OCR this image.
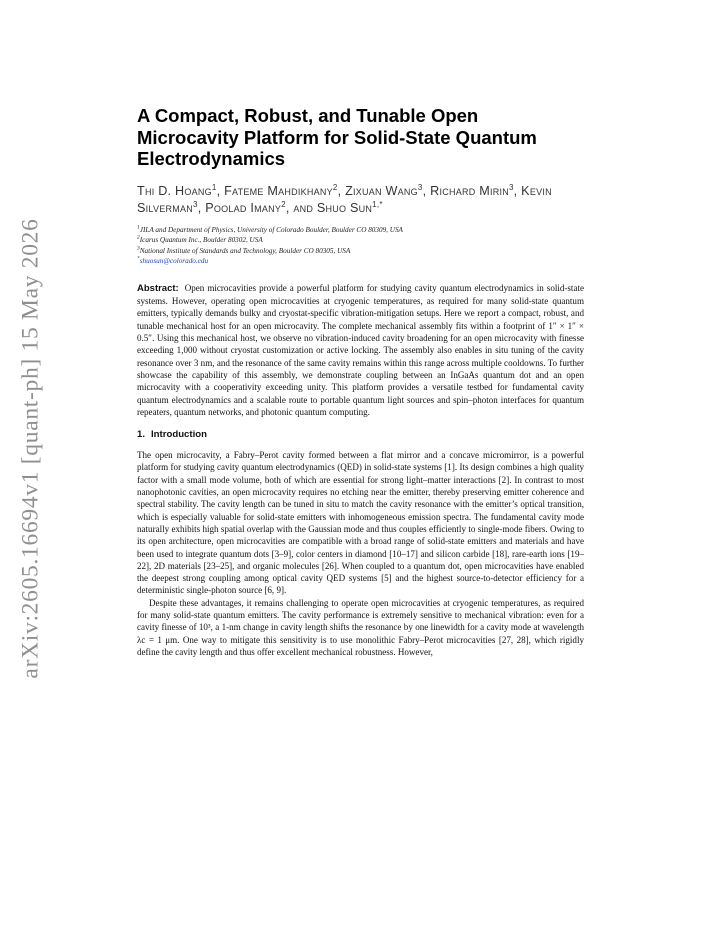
arXiv:2605.16694v1 [quant-ph] 15 May 2026
A Compact, Robust, and Tunable Open
Microcavity Platform for Solid-State Quantum
Electrodynamics
Thi D. Hoang$^1$, Fateme Mahdikhany$^2$, Zixuan Wang$^3$, Richard Mirin$^3$, Kevin Silverman$^3$, Poolad Imany$^2$, and Shuo Sun$^{1,*}$
$^1$JILA and Department of Physics, University of Colorado Boulder, Boulder CO 80309, USA
$^2$Icarus Quantum Inc., Boulder 80302, USA
$^3$National Institute of Standards and Technology, Boulder CO 80305, USA
*shuosun@colorado.edu

Abstract: Open microcavities provide a powerful platform for studying cavity quantum electrodynamics in solid-state systems. However, operating open microcavities at cryogenic temperatures, as required for many solid-state quantum emitters, typically demands bulky and cryostat-specific vibration-mitigation setups. Here we report a compact, robust, and tunable mechanical host for an open microcavity. The complete mechanical assembly fits within a footprint of 1″ × 1″ × 0.5″. Using this mechanical host, we observe no vibration-induced cavity broadening for an open microcavity with finesse exceeding 1,000 without cryostat customization or active locking. The assembly also enables in situ tuning of the cavity resonance over 3 nm, and the resonance of the same cavity remains within this range across multiple cooldowns. To further showcase the capability of this assembly, we demonstrate coupling between an InGaAs quantum dot and an open microcavity with a cooperativity exceeding unity. This platform provides a versatile testbed for fundamental cavity quantum electrodynamics and a scalable route to portable quantum light sources and spin–photon interfaces for quantum repeaters, quantum networks, and photonic quantum computing.

1. Introduction

The open microcavity, a Fabry–Perot cavity formed between a flat mirror and a concave micromirror, is a powerful platform for studying cavity quantum electrodynamics (QED) in solid-state systems [1]. Its design combines a high quality factor with a small mode volume, both of which are essential for strong light–matter interactions [2]. In contrast to most nanophotonic cavities, an open microcavity requires no etching near the emitter, thereby preserving emitter coherence and spectral stability. The cavity length can be tuned in situ to match the cavity resonance with the emitter’s optical transition, which is especially valuable for solid-state emitters with inhomogeneous emission spectra. The fundamental cavity mode naturally exhibits high spatial overlap with the Gaussian mode and thus couples efficiently to single-mode fibers. Owing to its open architecture, open microcavities are compatible with a broad range of solid-state emitters and materials and have been used to integrate quantum dots [3–9], color centers in diamond [10–17] and silicon carbide [18], rare-earth ions [19–22], 2D materials [23–25], and organic molecules [26]. When coupled to a quantum dot, open microcavities have enabled the deepest strong coupling among optical cavity QED systems [5] and the highest source-to-detector efficiency for a deterministic single-photon source [6, 9].

Despite these advantages, it remains challenging to operate open microcavities at cryogenic temperatures, as required for many solid-state quantum emitters. The cavity performance is extremely sensitive to mechanical vibration: even for a cavity finesse of 10³, a 1-nm change in cavity length shifts the resonance by one linewidth for a cavity mode at wavelength λc = 1 μm. One way to mitigate this sensitivity is to use monolithic Fabry–Perot microcavities [27, 28], which rigidly define the cavity length and thus offer excellent mechanical robustness. However,
